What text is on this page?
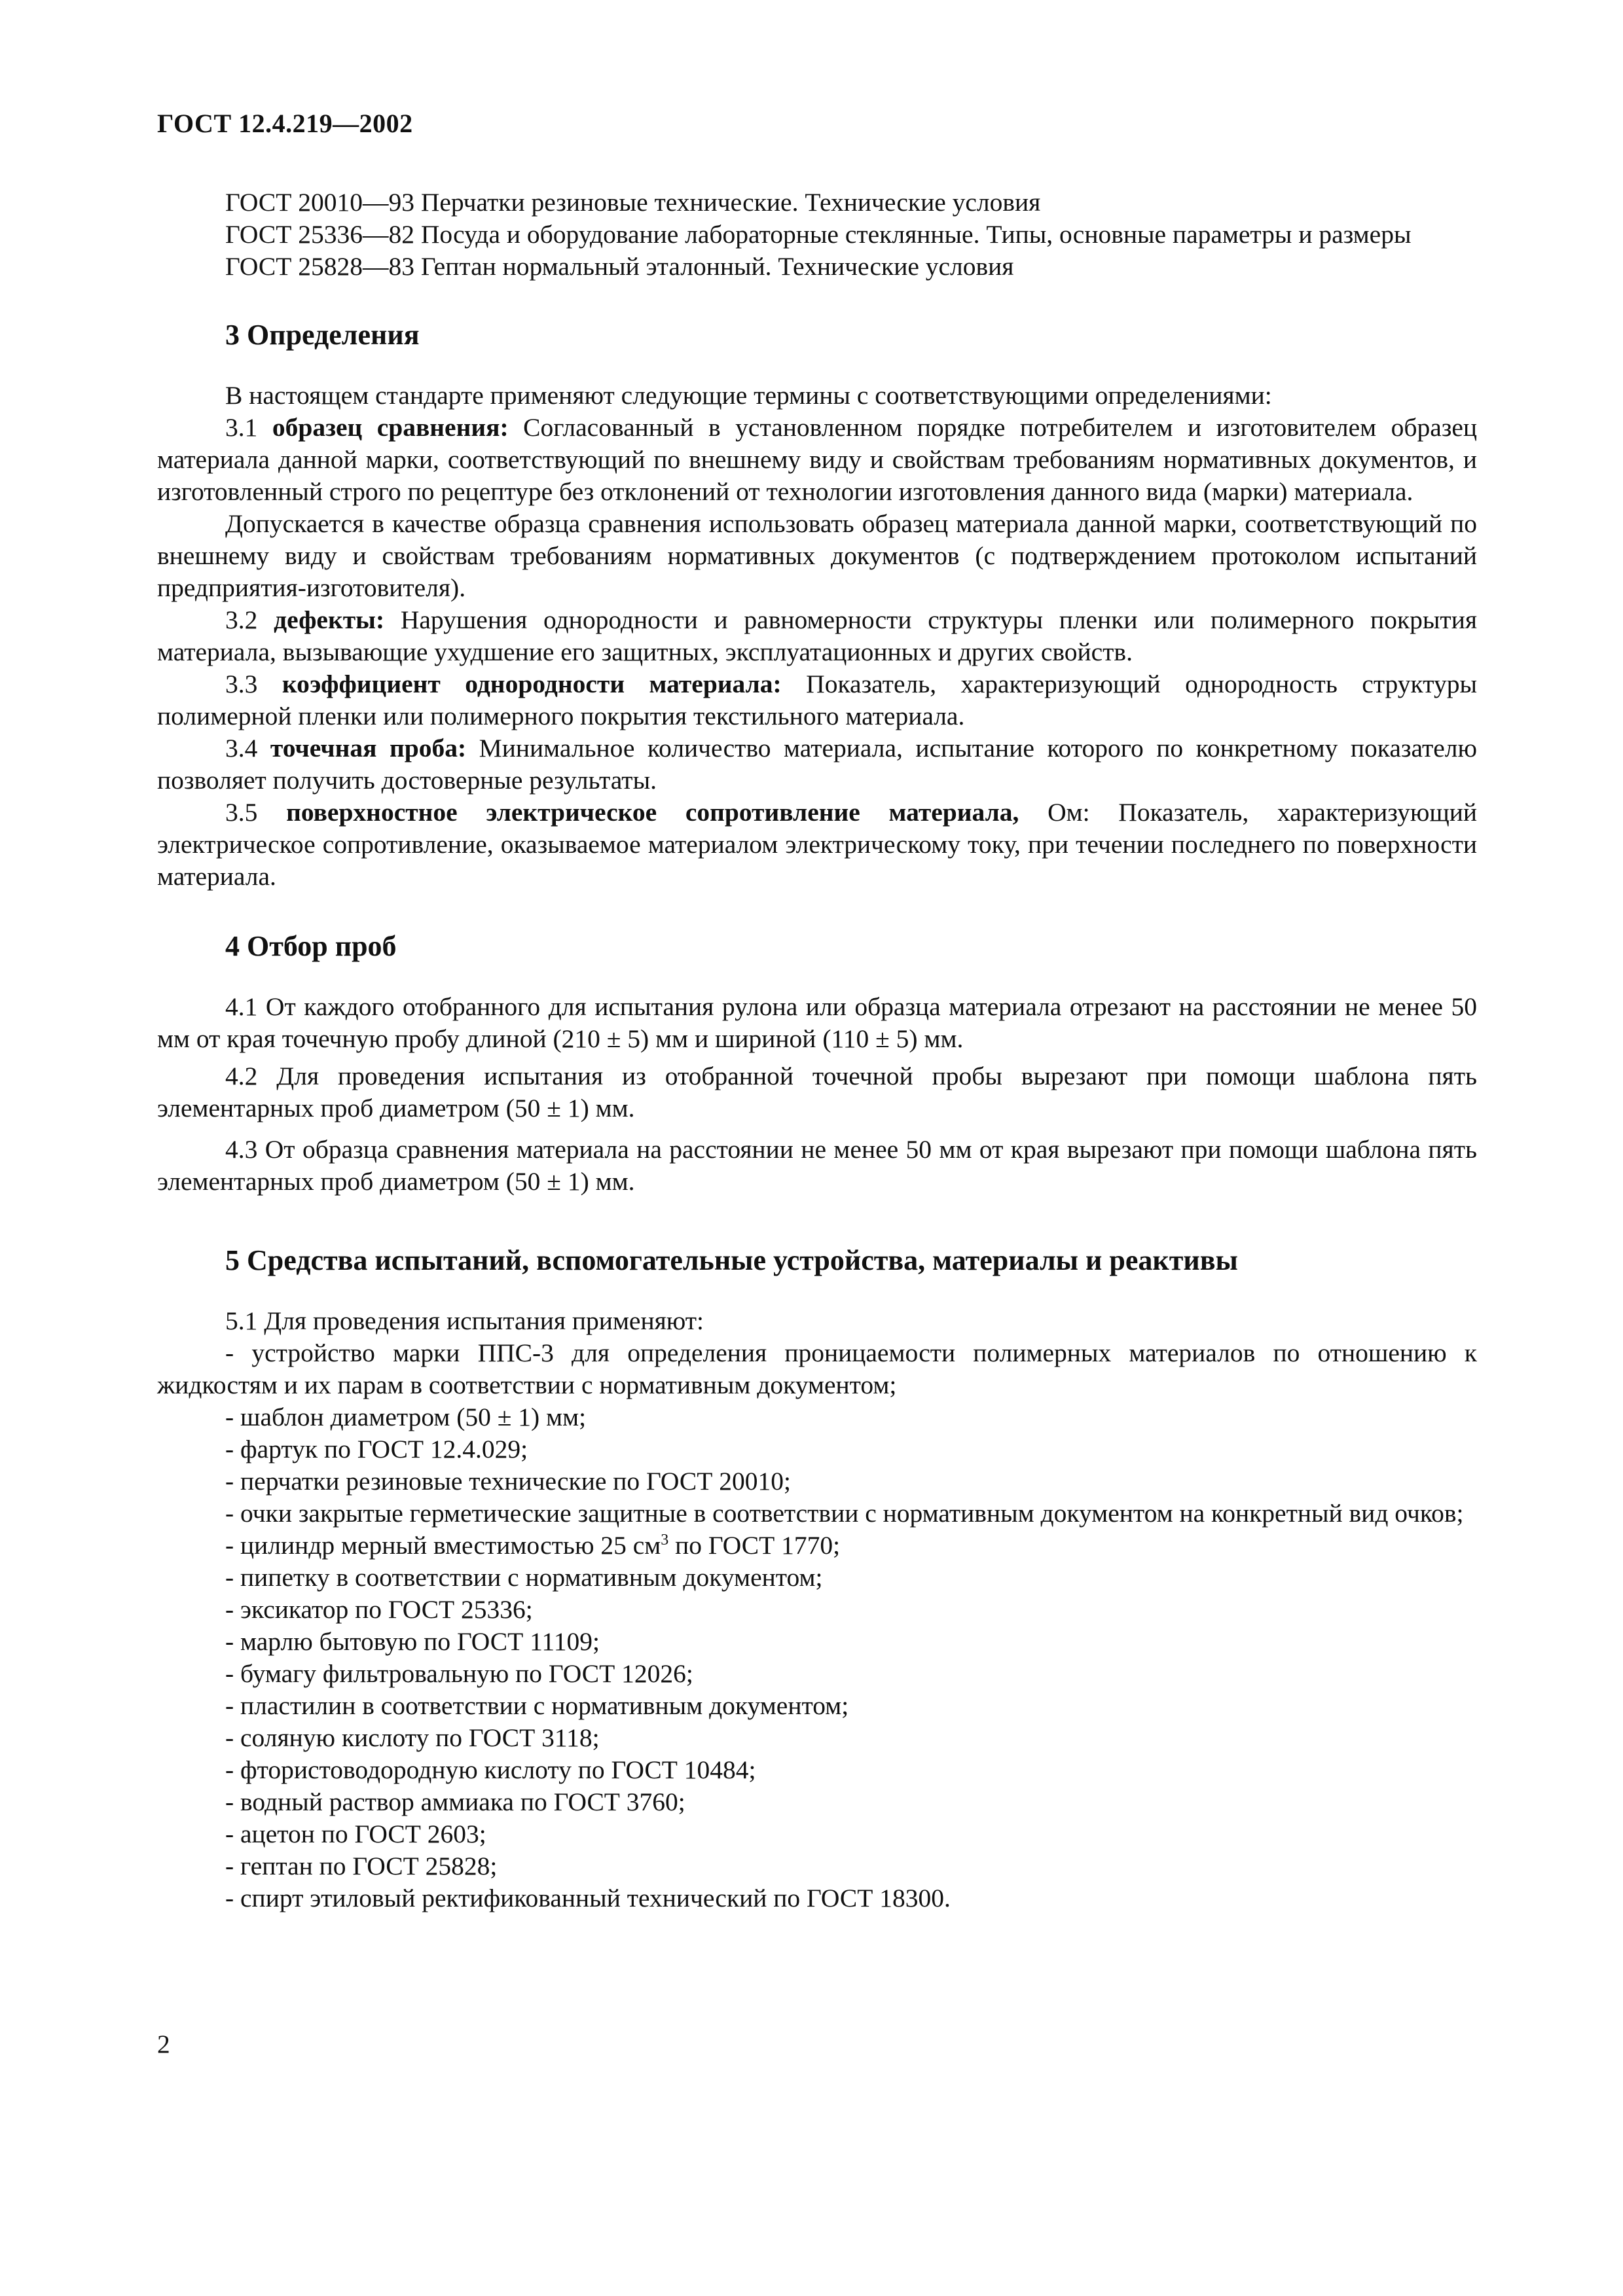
ГОСТ 12.4.219—2002

ГОСТ 20010—93 Перчатки резиновые технические. Технические условия

ГОСТ 25336—82 Посуда и оборудование лабораторные стеклянные. Типы, основные параметры и размеры

ГОСТ 25828—83 Гептан нормальный эталонный. Технические условия

3 Определения

В настоящем стандарте применяют следующие термины с соответствующими определениями:

3.1 образец сравнения: Согласованный в установленном порядке потребителем и изготовителем образец материала данной марки, соответствующий по внешнему виду и свойствам требованиям нормативных документов, и изготовленный строго по рецептуре без отклонений от технологии изготовления данного вида (марки) материала.

Допускается в качестве образца сравнения использовать образец материала данной марки, соответствующий по внешнему виду и свойствам требованиям нормативных документов (с подтверждением протоколом испытаний предприятия-изготовителя).

3.2 дефекты: Нарушения однородности и равномерности структуры пленки или полимерного покрытия материала, вызывающие ухудшение его защитных, эксплуатационных и других свойств.

3.3 коэффициент однородности материала: Показатель, характеризующий однородность структуры полимерной пленки или полимерного покрытия текстильного материала.

3.4 точечная проба: Минимальное количество материала, испытание которого по конкретному показателю позволяет получить достоверные результаты.

3.5 поверхностное электрическое сопротивление материала, Ом: Показатель, характеризующий электрическое сопротивление, оказываемое материалом электрическому току, при течении последнего по поверхности материала.

4 Отбор проб

4.1 От каждого отобранного для испытания рулона или образца материала отрезают на расстоянии не менее 50 мм от края точечную пробу длиной (210 ± 5) мм и шириной (110 ± 5) мм.

4.2 Для проведения испытания из отобранной точечной пробы вырезают при помощи шаблона пять элементарных проб диаметром (50 ± 1) мм.

4.3 От образца сравнения материала на расстоянии не менее 50 мм от края вырезают при помощи шаблона пять элементарных проб диаметром (50 ± 1) мм.

5 Средства испытаний, вспомогательные устройства, материалы и реактивы

5.1 Для проведения испытания применяют:

- устройство марки ППС-3 для определения проницаемости полимерных материалов по отношению к жидкостям и их парам в соответствии с нормативным документом;

- шаблон диаметром (50 ± 1) мм;

- фартук по ГОСТ 12.4.029;

- перчатки резиновые технические по ГОСТ 20010;

- очки закрытые герметические защитные в соответствии с нормативным документом на конкретный вид очков;

- цилиндр мерный вместимостью 25 $см^3$ по ГОСТ 1770;

- пипетку в соответствии с нормативным документом;

- эксикатор по ГОСТ 25336;

- марлю бытовую по ГОСТ 11109;

- бумагу фильтровальную по ГОСТ 12026;

- пластилин в соответствии с нормативным документом;

- соляную кислоту по ГОСТ 3118;

- фтористоводородную кислоту по ГОСТ 10484;

- водный раствор аммиака по ГОСТ 3760;

- ацетон по ГОСТ 2603;

- гептан по ГОСТ 25828;

- спирт этиловый ректификованный технический по ГОСТ 18300.

2
